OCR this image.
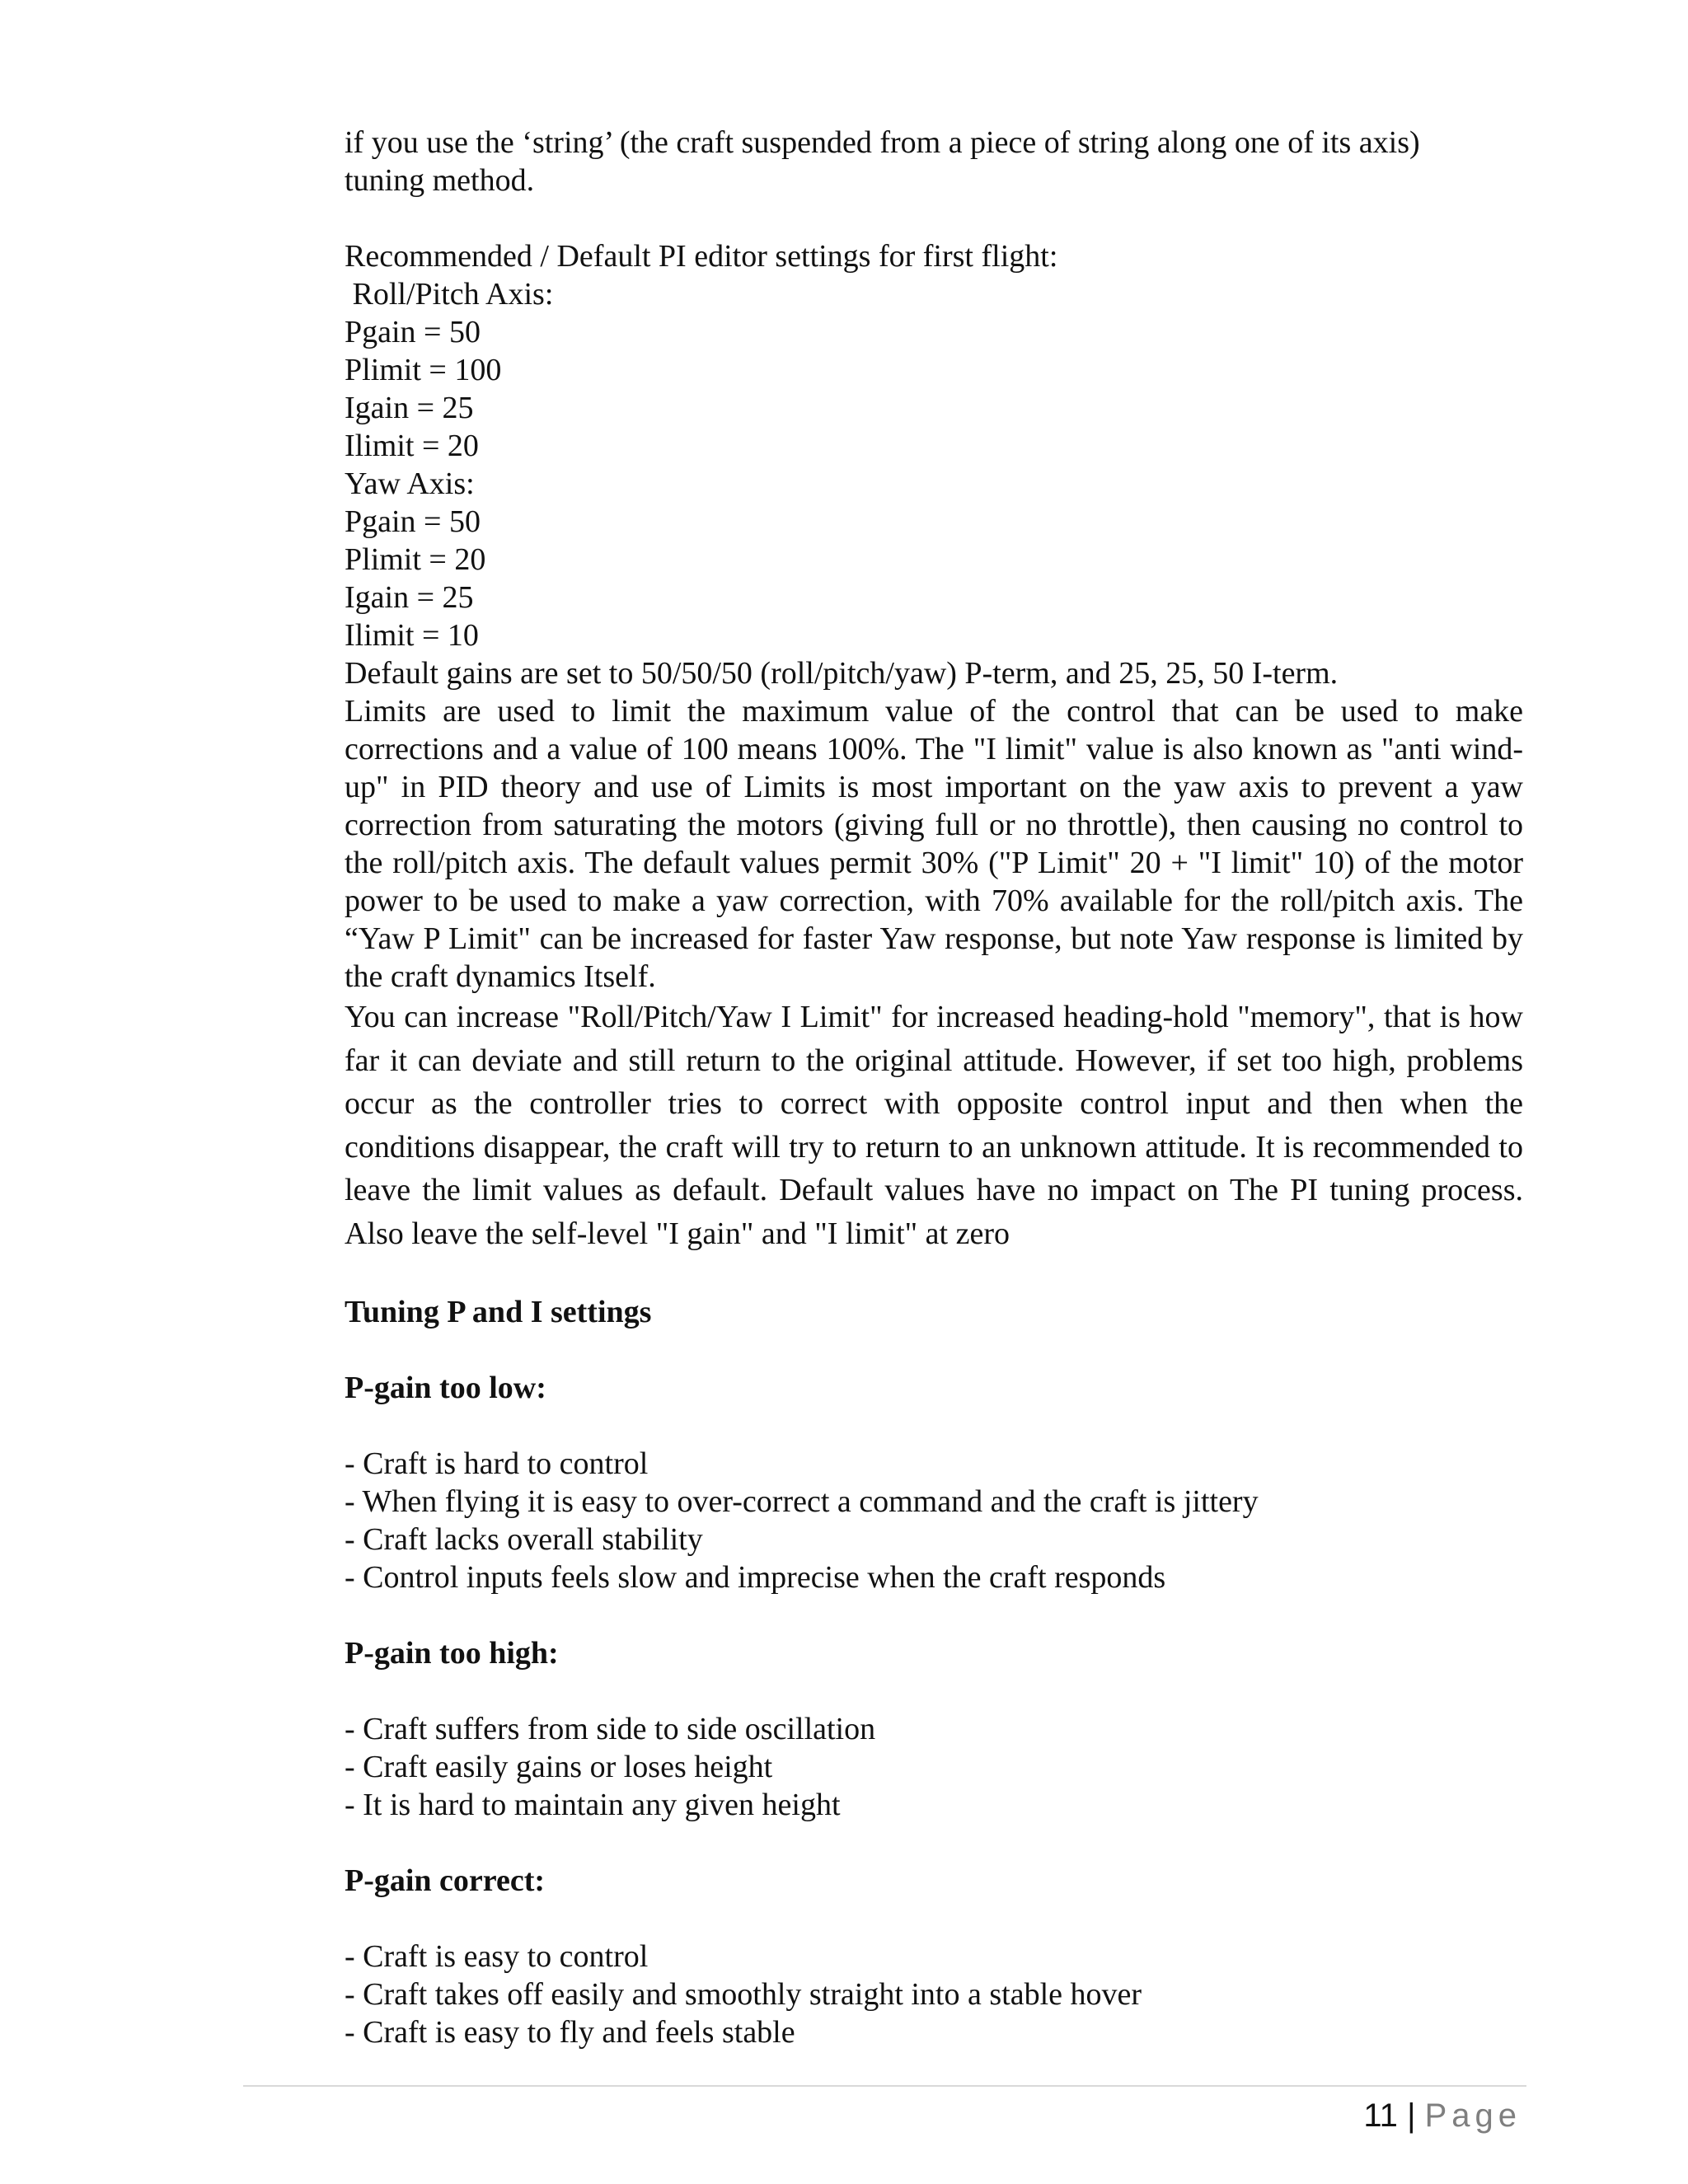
if you use the ‘string’ (the craft suspended from a piece of string along one of its axis)
tuning method.
Recommended / Default PI editor settings for first flight:
Roll/Pitch Axis:
Pgain = 50
Plimit = 100
Igain = 25
Ilimit = 20
Yaw Axis:
Pgain = 50
Plimit = 20
Igain = 25
Ilimit = 10
Default gains are set to 50/50/50 (roll/pitch/yaw) P-term, and 25, 25, 50 I-term.

Limits are used to limit the maximum value of the control that can be used to make corrections and a value of 100 means 100%. The "I limit" value is also known as "anti wind-up" in PID theory and use of Limits is most important on the yaw axis to prevent a yaw correction from saturating the motors (giving full or no throttle), then causing no control to the roll/pitch axis. The default values permit 30% ("P Limit" 20 + "I limit" 10) of the motor power to be used to make a yaw correction, with 70% available for the roll/pitch axis. The “Yaw P Limit" can be increased for faster Yaw response, but note Yaw response is limited by the craft dynamics Itself.

You can increase "Roll/Pitch/Yaw I Limit" for increased heading-hold "memory", that is how far it can deviate and still return to the original attitude. However, if set too high, problems occur as the controller tries to correct with opposite control input and then when the conditions disappear, the craft will try to return to an unknown attitude. It is recommended to leave the limit values as default. Default values have no impact on The PI tuning process. Also leave the self-level "I gain" and "I limit" at zero

Tuning P and I settings
P-gain too low:
- Craft is hard to control
- When flying it is easy to over-correct a command and the craft is jittery
- Craft lacks overall stability
- Control inputs feels slow and imprecise when the craft responds
P-gain too high:
- Craft suffers from side to side oscillation
- Craft easily gains or loses height
- It is hard to maintain any given height
P-gain correct:
- Craft is easy to control
- Craft takes off easily and smoothly straight into a stable hover
- Craft is easy to fly and feels stable
11 | Page
